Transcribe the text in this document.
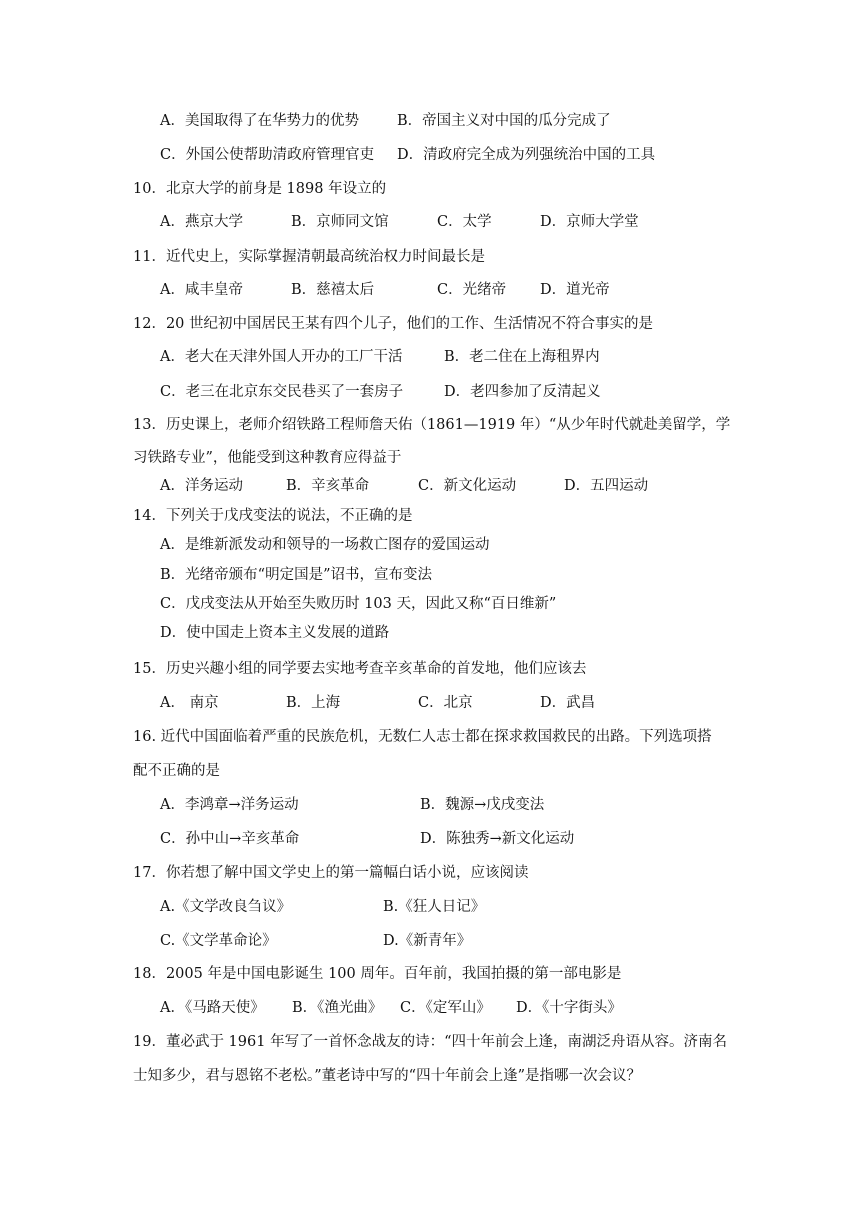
A．美国取得了在华势力的优势	B．帝国主义对中国的瓜分完成了
C．外国公使帮助清政府管理官吏 D．清政府完全成为列强统治中国的工具
10．北京大学的前身是 1898 年设立的
A．燕京大学	B．京师同文馆	C．太学	D．京师大学堂
11．近代史上，实际掌握清朝最高统治权力时间最长是
A．咸丰皇帝	B．慈禧太后	C．光绪帝 D．道光帝
12．20 世纪初中国居民王某有四个儿子，他们的工作、生活情况不符合事实的是
A．老大在天津外国人开办的工厂干活	B．老二住在上海租界内
C．老三在北京东交民巷买了一套房子	D．老四参加了反清起义
13．历史课上，老师介绍铁路工程师詹天佑（1861—1919 年）“从少年时代就赴美留学，学
习铁路专业”，他能受到这种教育应得益于
A．洋务运动	B．辛亥革命	C．新文化运动	D．五四运动
14．下列关于戊戌变法的说法，不正确的是
A．是维新派发动和领导的一场救亡图存的爱国运动
B．光绪帝颁布“明定国是”诏书，宣布变法
C．戊戌变法从开始至失败历时 103 天，因此又称“百日维新”
D．使中国走上资本主义发展的道路
15．历史兴趣小组的同学要去实地考查辛亥革命的首发地，他们应该去
A． 南京	B．上海	C．北京	D．武昌
16. 近代中国面临着严重的民族危机，无数仁人志士都在探求救国救民的出路。下列选项搭
配不正确的是
A．李鸿章→洋务运动	B．魏源→戊戌变法
C．孙中山→辛亥革命	D．陈独秀→新文化运动
17．你若想了解中国文学史上的第一篇幅白话小说，应该阅读
A.《文学改良刍议》	B.《狂人日记》
C.《文学革命论》	D.《新青年》
18．2005 年是中国电影诞生 100 周年。百年前，我国拍摄的第一部电影是
A．《马路天使》 B．《渔光曲》 C．《定军山》 D．《十字街头》
19．董必武于 1961 年写了一首怀念战友的诗：“四十年前会上逢，南湖泛舟语从容。济南名
士知多少，君与恩铭不老松。”董老诗中写的“四十年前会上逢”是指哪一次会议？
